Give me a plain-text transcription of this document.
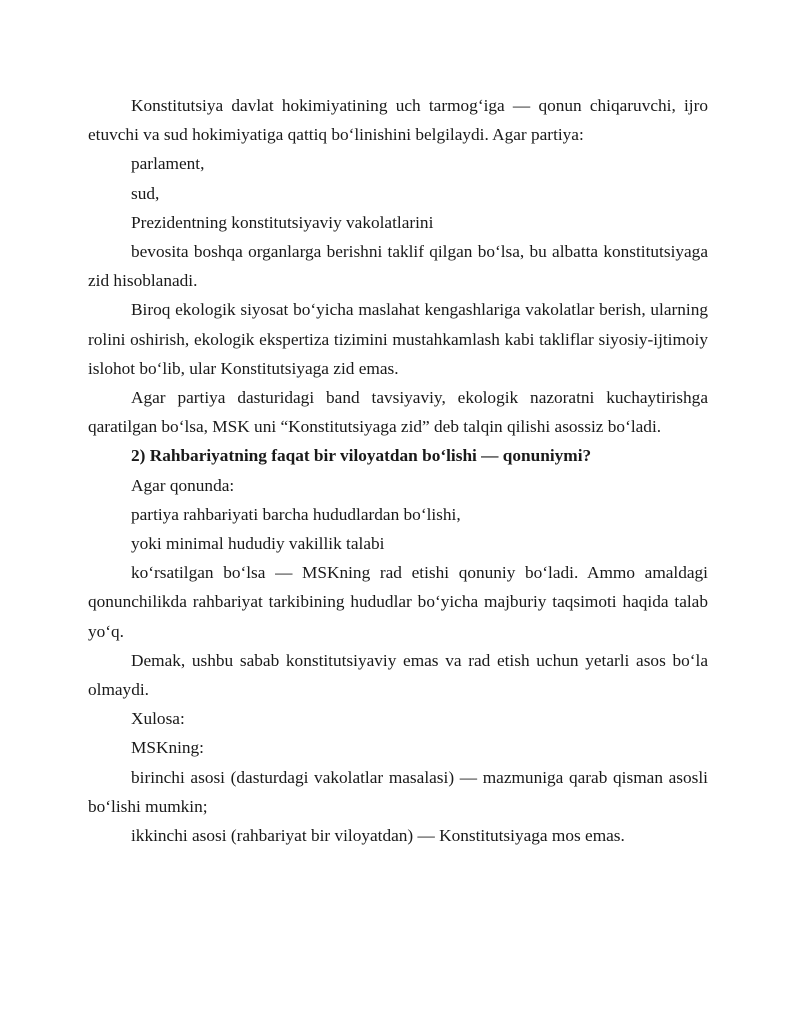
Konstitutsiya davlat hokimiyatining uch tarmog‘iga — qonun chiqaruvchi, ijro etuvchi va sud hokimiyatiga qattiq bo‘linishini belgilaydi. Agar partiya:

parlament,

sud,

Prezidentning konstitutsiyaviy vakolatlarini

bevosita boshqa organlarga berishni taklif qilgan bo‘lsa, bu albatta konstitutsiyaga zid hisoblanadi.

Biroq ekologik siyosat bo‘yicha maslahat kengashlariga vakolatlar berish, ularning rolini oshirish, ekologik ekspertiza tizimini mustahkamlash kabi takliflar siyosiy-ijtimoiy islohot bo‘lib, ular Konstitutsiyaga zid emas.

Agar partiya dasturidagi band tavsiyaviy, ekologik nazoratni kuchaytirishga qaratilgan bo‘lsa, MSK uni “Konstitutsiyaga zid” deb talqin qilishi asossiz bo‘ladi.

2) Rahbariyatning faqat bir viloyatdan bo‘lishi — qonuniymi?

Agar qonunda:

partiya rahbariyati barcha hududlardan bo‘lishi,

yoki minimal hududiy vakillik talabi

ko‘rsatilgan bo‘lsa — MSKning rad etishi qonuniy bo‘ladi. Ammo amaldagi qonunchilikda rahbariyat tarkibining hududlar bo‘yicha majburiy taqsimoti haqida talab yo‘q.

Demak, ushbu sabab konstitutsiyaviy emas va rad etish uchun yetarli asos bo‘la olmaydi.

Xulosa:

MSKning:

birinchi asosi (dasturdagi vakolatlar masalasi) — mazmuniga qarab qisman asosli bo‘lishi mumkin;

ikkinchi asosi (rahbariyat bir viloyatdan) — Konstitutsiyaga mos emas.
